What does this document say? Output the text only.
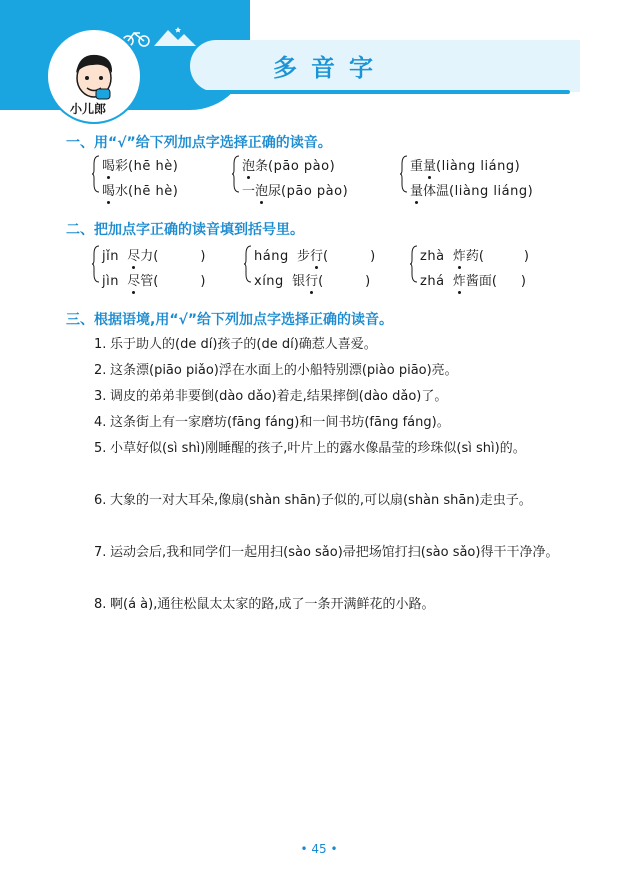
小儿郎
多音字
一、用“√”给下列加点字选择正确的读音。
喝彩(hē hè)
喝水(hē hè)
泡条(pāo pào)
一泡尿(pāo pào)
重量(liàng liáng)
量体温(liàng liáng)
二、把加点字正确的读音填到括号里。
jǐn 尽力(	)
jìn 尽管(	)
háng 步行(	)
xíng 银行(	)
zhà 炸药(	)
zhá 炸酱面( )
三、根据语境,用“√”给下列加点字选择正确的读音。
1. 乐于助人的(de dí)孩子的(de dí)确惹人喜爱。
2. 这条漂(piāo piǎo)浮在水面上的小船特别漂(piào piāo)亮。
3. 调皮的弟弟非要倒(dào dǎo)着走,结果摔倒(dào dǎo)了。
4. 这条街上有一家磨坊(fāng fáng)和一间书坊(fāng fáng)。
5. 小草好似(sì shì)刚睡醒的孩子,叶片上的露水像晶莹的珍珠似(sì shì)的。
6. 大象的一对大耳朵,像扇(shàn shān)子似的,可以扇(shàn shān)走虫子。
7. 运动会后,我和同学们一起用扫(sào sǎo)帚把场馆打扫(sào sǎo)得干干净净。
8. 啊(á à),通往松鼠太太家的路,成了一条开满鲜花的小路。
• 45 •
